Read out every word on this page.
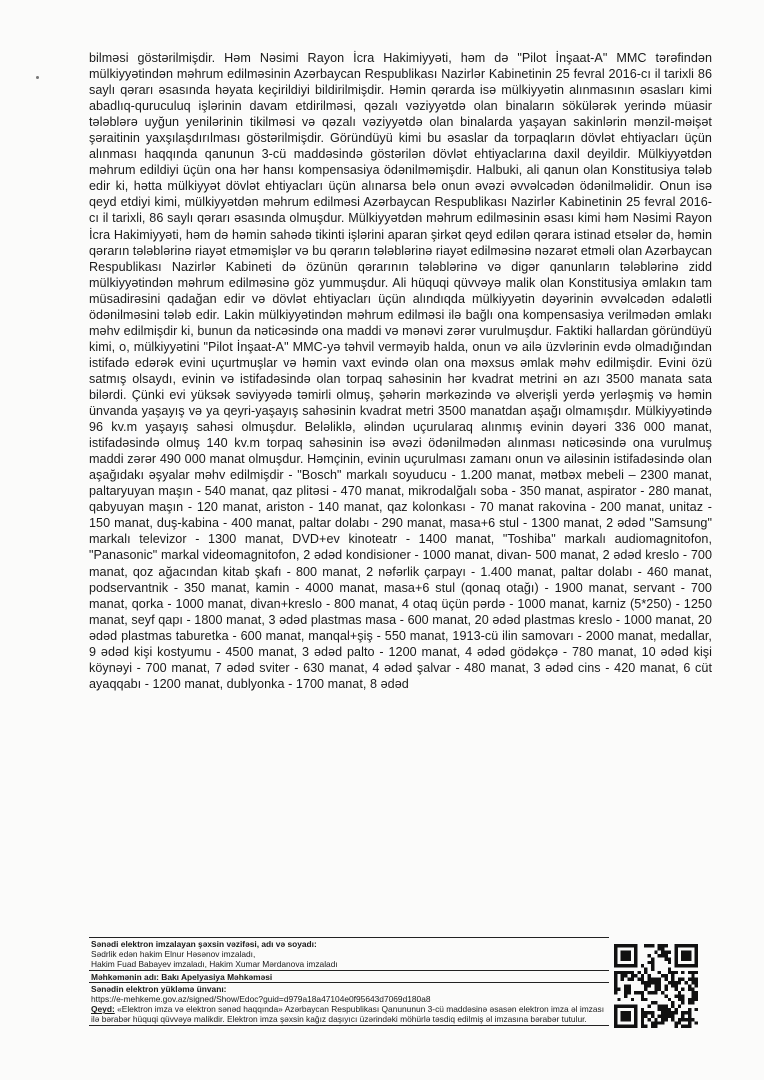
bilməsi göstərilmişdir. Həm Nəsimi Rayon İcra Hakimiyyəti, həm də "Pilot İnşaat-A" MMC tərəfindən mülkiyyətindən məhrum edilməsinin Azərbaycan Respublikası Nazirlər Kabinetinin 25 fevral 2016-cı il tarixli 86 saylı qərarı əsasında həyata keçirildiyi bildirilmişdir. Həmin qərarda isə mülkiyyətin alınmasının əsasları kimi abadlıq-quruculuq işlərinin davam etdirilməsi, qəzalı vəziyyətdə olan binaların sökülərək yerində müasir tələblərə uyğun yenilərinin tikilməsi və qəzalı vəziyyətdə olan binalarda yaşayan sakinlərin mənzil-məişət şəraitinin yaxşılaşdırılması göstərilmişdir. Göründüyü kimi bu əsaslar da torpaqların dövlət ehtiyacları üçün alınması haqqında qanunun 3-cü maddəsində göstərilən dövlət ehtiyaclarına daxil deyildir. Mülkiyyətdən məhrum edildiyi üçün ona hər hansı kompensasiya ödənilməmişdir. Halbuki, ali qanun olan Konstitusiya tələb edir ki, hətta mülkiyyət dövlət ehtiyacları üçün alınarsa belə onun əvəzi əvvəlcədən ödənilməlidir. Onun isə qeyd etdiyi kimi, mülkiyyətdən məhrum edilməsi Azərbaycan Respublikası Nazirlər Kabinetinin 25 fevral 2016-cı il tarixli, 86 saylı qərarı əsasında olmuşdur. Mülkiyyətdən məhrum edilməsinin əsası kimi həm Nəsimi Rayon İcra Hakimiyyəti, həm də həmin sahədə tikinti işlərini aparan şirkət qeyd edilən qərara istinad etsələr də, həmin qərarın tələblərinə riayət etməmişlər və bu qərarın tələblərinə riayət edilməsinə nəzarət etməli olan Azərbaycan Respublikası Nazirlər Kabineti də özünün qərarının tələblərinə və digər qanunların tələblərinə zidd mülkiyyətindən məhrum edilməsinə göz yummuşdur. Ali hüquqi qüvvəyə malik olan Konstitusiya əmlakın tam müsadirəsini qadağan edir və dövlət ehtiyacları üçün alındıqda mülkiyyətin dəyərinin əvvəlcədən ədalətli ödənilməsini tələb edir. Lakin mülkiyyətindən məhrum edilməsi ilə bağlı ona kompensasiya verilmədən əmlakı məhv edilmişdir ki, bunun da nəticəsində ona maddi və mənəvi zərər vurulmuşdur. Faktiki hallardan göründüyü kimi, o, mülkiyyətini "Pilot İnşaat-A" MMC-yə təhvil verməyib halda, onun və ailə üzvlərinin evdə olmadığından istifadə edərək evini uçurtmuşlar və həmin vaxt evində olan ona məxsus əmlak məhv edilmişdir. Evini özü satmış olsaydı, evinin və istifadəsində olan torpaq sahəsinin hər kvadrat metrini ən azı 3500 manata sata bilərdi. Çünki evi yüksək səviyyədə təmirli olmuş, şəhərin mərkəzində və əlverişli yerdə yerləşmiş və həmin ünvanda yaşayış və ya qeyri-yaşayış sahəsinin kvadrat metri 3500 manatdan aşağı olmamışdır. Mülkiyyətində 96 kv.m yaşayış sahəsi olmuşdur. Beləliklə, əlindən uçurularaq alınmış evinin dəyəri 336 000 manat, istifadəsində olmuş 140 kv.m torpaq sahəsinin isə əvəzi ödənilmədən alınması nəticəsində ona vurulmuş maddi zərər 490 000 manat olmuşdur. Həmçinin, evinin uçurulması zamanı onun və ailəsinin istifadəsində olan aşağıdakı əşyalar məhv edilmişdir - "Bosch" markalı soyuducu - 1.200 manat, mətbəx mebeli – 2300 manat, paltaryuyan maşın - 540 manat, qaz plitəsi - 470 manat, mikrodalğalı soba - 350 manat, aspirator - 280 manat, qabyuyan maşın - 120 manat, ariston - 140 manat, qaz kolonkası - 70 manat rakovina - 200 manat, unitaz - 150 manat, duş-kabina - 400 manat, paltar dolabı - 290 manat, masa+6 stul - 1300 manat, 2 ədəd "Samsung" markalı televizor - 1300 manat, DVD+ev kinoteatr - 1400 manat, "Toshiba" markalı audiomagnitofon, "Panasonic" markal videomagnitofon, 2 ədəd kondisioner - 1000 manat, divan- 500 manat, 2 ədəd kreslo - 700 manat, qoz ağacından kitab şkafı - 800 manat, 2 nəfərlik çarpayı - 1.400 manat, paltar dolabı - 460 manat, podservantnik - 350 manat, kamin - 4000 manat, masa+6 stul (qonaq otağı) - 1900 manat, servant - 700 manat, qorka - 1000 manat, divan+kreslo - 800 manat, 4 otaq üçün pərdə - 1000 manat, karniz (5*250) - 1250 manat, seyf qapı - 1800 manat, 3 ədəd plastmas masa - 600 manat, 20 ədəd plastmas kreslo - 1000 manat, 20 ədəd plastmas taburetka - 600 manat, manqal+şiş - 550 manat, 1913-cü ilin samovarı - 2000 manat, medallar, 9 ədəd kişi kostyumu - 4500 manat, 3 ədəd palto - 1200 manat, 4 ədəd gödəkçə - 780 manat, 10 ədəd kişi köynəyi - 700 manat, 7 ədəd sviter - 630 manat, 4 ədəd şalvar - 480 manat, 3 ədəd cins - 420 manat, 6 cüt ayaqqabı - 1200 manat, dublyonka - 1700 manat, 8 ədəd

Sənədi elektron imzalayan şəxsin vəzifəsi, adı və soyadı:
Sədrlik edən hakim Elnur Həsənov imzaladı,
Hakim Fuad Babayev imzaladı, Hakim Xumar Mərdanova imzaladı
Məhkəmənin adı: Bakı Apelyasiya Məhkəməsi
Sənədin elektron yükləmə ünvanı:
https://e-mehkeme.gov.az/signed/Show/Edoc?guid=d979a18a47104e0f95643d7069d180a8
Qeyd: «Elektron imza və elektron sənəd haqqında» Azərbaycan Respublikası Qanununun 3-cü maddəsinə əsasən elektron imza əl imzası ilə bərabər hüquqi qüvvəyə malikdir. Elektron imza şəxsin kağız daşıyıcı üzərindəki möhürlə təsdiq edilmiş əl imzasına bərabər tutulur.
